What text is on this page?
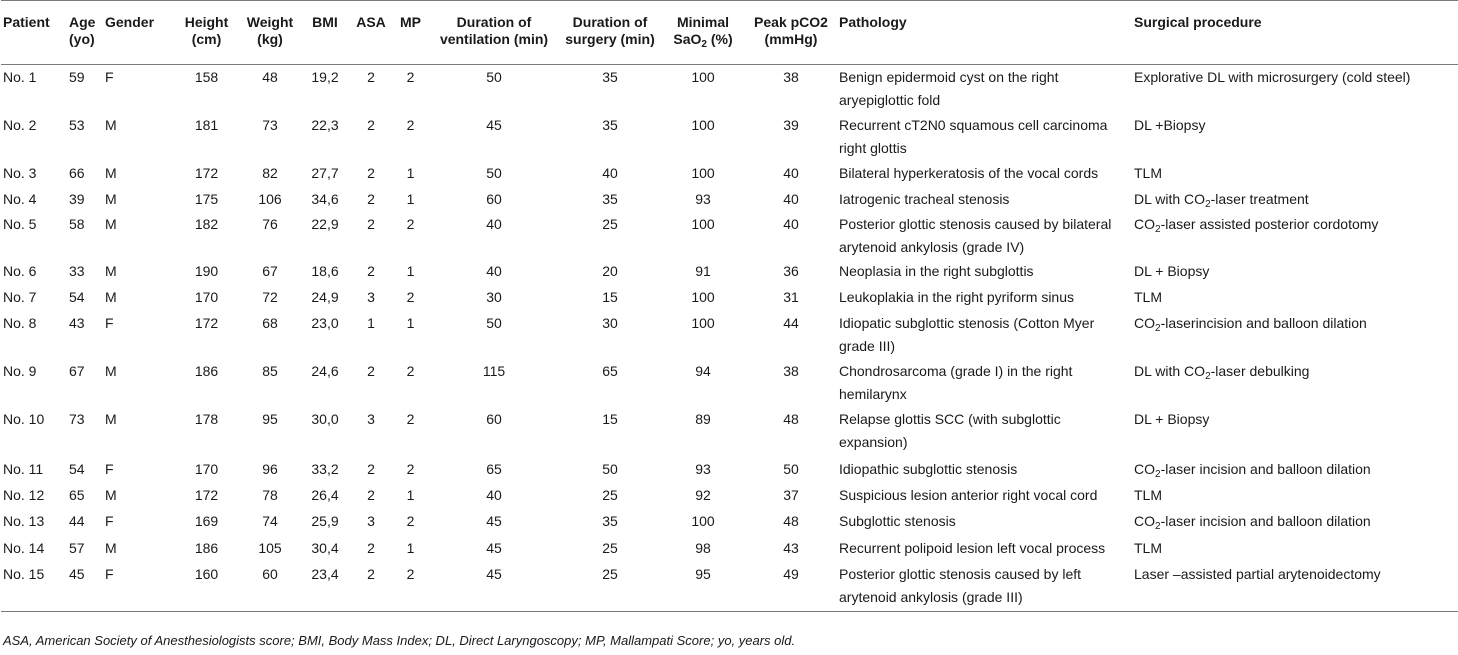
Patient	Age (yo)	Gender	Height (cm)	Weight (kg)	BMI	ASA	MP	Duration of ventilation (min)	Duration of surgery (min)	Minimal SaO$_2$ (%)	Peak pCO2 (mmHg)	Pathology	Surgical procedure
No. 1	59	F	158	48	19,2	2	2	50	35	100	38	Benign epidermoid cyst on the right aryepiglottic fold	Explorative DL with microsurgery (cold steel)
No. 2	53	M	181	73	22,3	2	2	45	35	100	39	Recurrent cT2N0 squamous cell carcinoma right glottis	DL +Biopsy
No. 3	66	M	172	82	27,7	2	1	50	40	100	40	Bilateral hyperkeratosis of the vocal cords	TLM
No. 4	39	M	175	106	34,6	2	1	60	35	93	40	Iatrogenic tracheal stenosis	DL with $CO_2$-laser treatment
No. 5	58	M	182	76	22,9	2	2	40	25	100	40	Posterior glottic stenosis caused by bilateral arytenoid ankylosis (grade IV)	$CO_2$-laser assisted posterior cordotomy
No. 6	33	M	190	67	18,6	2	1	40	20	91	36	Neoplasia in the right subglottis	DL + Biopsy
No. 7	54	M	170	72	24,9	3	2	30	15	100	31	Leukoplakia in the right pyriform sinus	TLM
No. 8	43	F	172	68	23,0	1	1	50	30	100	44	Idiopatic subglottic stenosis (Cotton Myer grade III)	$CO_2$-laserincision and balloon dilation
No. 9	67	M	186	85	24,6	2	2	115	65	94	38	Chondrosarcoma (grade I) in the right hemilarynx	DL with $CO_2$-laser debulking
No. 10	73	M	178	95	30,0	3	2	60	15	89	48	Relapse glottis SCC (with subglottic expansion)	DL + Biopsy
No. 11	54	F	170	96	33,2	2	2	65	50	93	50	Idiopathic subglottic stenosis	$CO_2$-laser incision and balloon dilation
No. 12	65	M	172	78	26,4	2	1	40	25	92	37	Suspicious lesion anterior right vocal cord	TLM
No. 13	44	F	169	74	25,9	3	2	45	35	100	48	Subglottic stenosis	$CO_2$-laser incision and balloon dilation
No. 14	57	M	186	105	30,4	2	1	45	25	98	43	Recurrent polipoid lesion left vocal process	TLM
No. 15	45	F	160	60	23,4	2	2	45	25	95	49	Posterior glottic stenosis caused by left arytenoid ankylosis (grade III)	Laser –assisted partial arytenoidectomy
ASA, American Society of Anesthesiologists score; BMI, Body Mass Index; DL, Direct Laryngoscopy; MP, Mallampati Score; yo, years old.
